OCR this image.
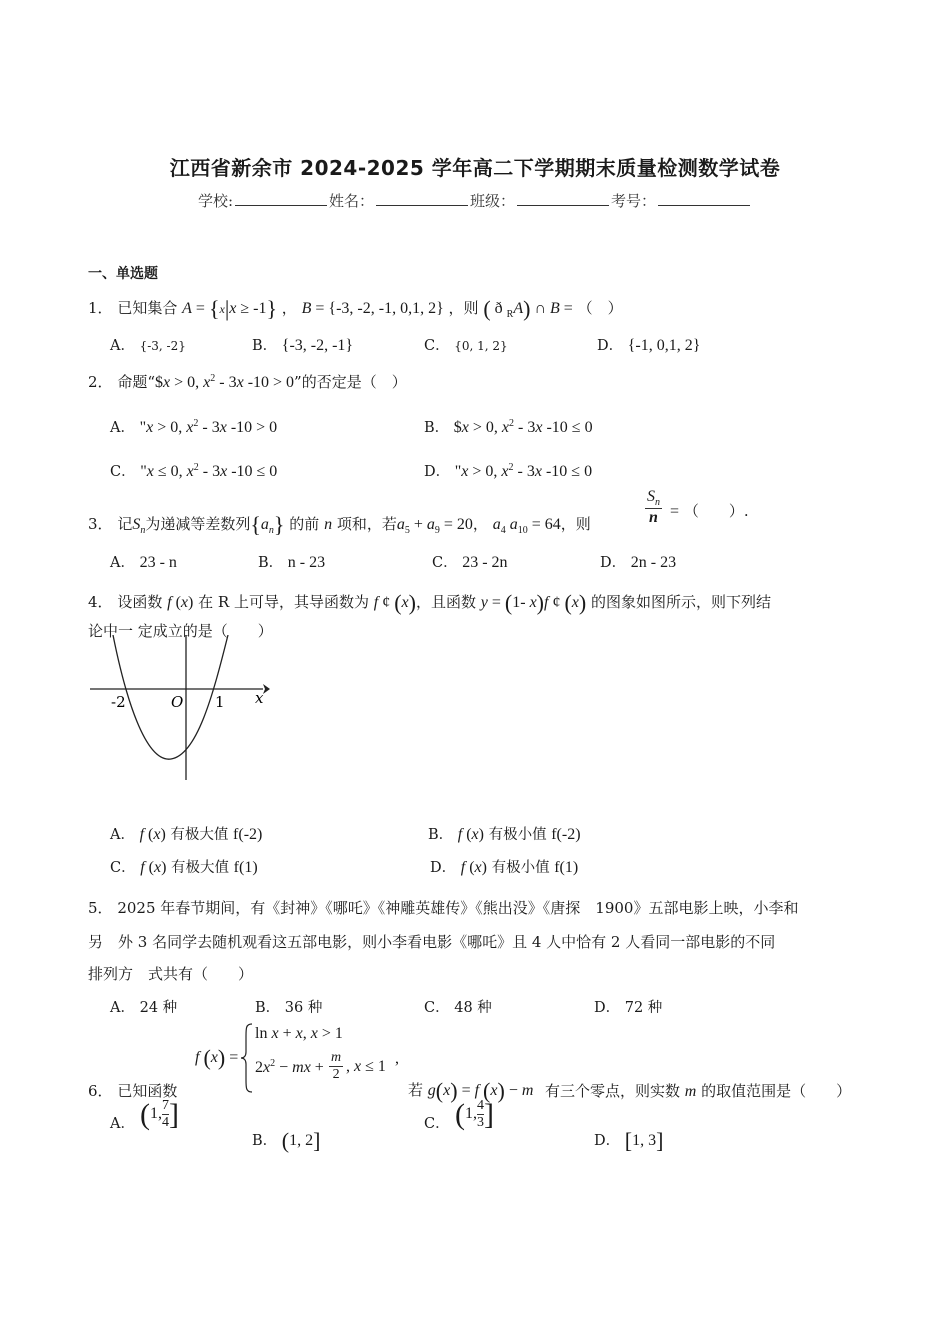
江西省新余市 2024-2025 学年高二下学期期末质量检测数学试卷
学校:	姓名：	班级：	考号：
一、单选题
1． 已知集合 A = {x|x ≥ -1} ， B = {-3, -2, -1, 0,1, 2} ，则 ( ð $_R$A) ∩ B = （　）
A． {-3, -2}	B． {-3, -2, -1}	C． {0, 1, 2}	D． {-1, 0,1, 2}
2． 命题“$x > 0, $x^2 - 3x$ -10 > 0”的否定是（　）
A． "x > 0, $x^2 - 3x$ -10 > 0	B． $x > 0, $x^2 - 3x$ -10 ≤ 0
C． "x ≤ 0, $x^2 - 3x$ -10 ≤ 0	D． "x > 0, $x^2 - 3x$ -10 ≤ 0
3． 记$S_n$为递减等差数列$\{a_n\}$ 的前 n 项和，若$a_5 + a_9 = 20$， $a_4$ $a_{10} = 64$，则
$S_n$
n = （　　）.
A． 23 - n	B． n - 23	C． 23 - 2n	D． 2n - 23
4． 设函数 f (x) 在 R 上可导，其导函数为 f ¢ (x)，且函数 y = (1- x)f ¢ (x) 的图象如图所示，则下列结
论中一 定成立的是（　　）
-2	O 1 x
A． f (x) 有极大值 f(-2)	B． f (x) 有极小值 f(-2)
C． f (x) 有极大值 f(1)	D． f (x) 有极小值 f(1)
5． 2025 年春节期间，有《封神》《哪吒》《神雕英雄传》《熊出没》《唐探　1900》五部电影上映，小李和
另　外 3 名同学去随机观看这五部电影，则小李看电影《哪吒》且 4 人中恰有 2 人看同一部电影的不同
排列方　式共有（　　）
A． 24 种	B． 36 种	C． 48 种	D． 72 种
f (x) =
ln x + x, x > 1
$2x^2$ − mx +
m
2 , x ≤ 1 ,
6． 已知函数	若 g(x) = f (x) − m 有三个零点，则实数 m 的取值范围是（　　）
A． (1, $\frac{7}{4}$ ]
B． (1, 2]
C． (1, $\frac{4}{3}$ ]
D． [1, 3]
